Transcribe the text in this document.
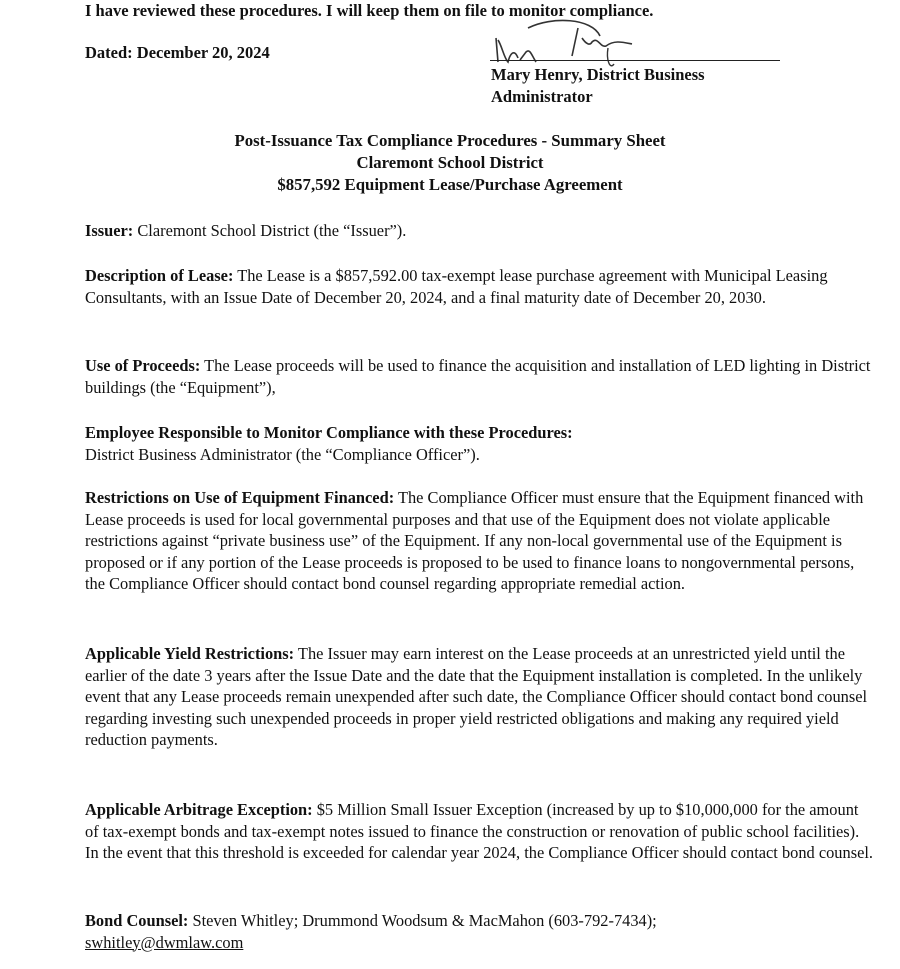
I have reviewed these procedures. I will keep them on file to monitor compliance.
Dated: December 20, 2024
Mary Henry, District Business
Administrator
Post-Issuance Tax Compliance Procedures - Summary Sheet
Claremont School District
$857,592 Equipment Lease/Purchase Agreement
Issuer: Claremont School District (the “Issuer”).
Description of Lease: The Lease is a $857,592.00 tax-exempt lease purchase agreement with Municipal Leasing Consultants, with an Issue Date of December 20, 2024, and a final maturity date of December 20, 2030.
Use of Proceeds: The Lease proceeds will be used to finance the acquisition and installation of LED lighting in District buildings (the “Equipment”),
Employee Responsible to Monitor Compliance with these Procedures:
District Business Administrator (the “Compliance Officer”).
Restrictions on Use of Equipment Financed: The Compliance Officer must ensure that the Equipment financed with Lease proceeds is used for local governmental purposes and that use of the Equipment does not violate applicable restrictions against “private business use” of the Equipment. If any non-local governmental use of the Equipment is proposed or if any portion of the Lease proceeds is proposed to be used to finance loans to nongovernmental persons, the Compliance Officer should contact bond counsel regarding appropriate remedial action.
Applicable Yield Restrictions: The Issuer may earn interest on the Lease proceeds at an unrestricted yield until the earlier of the date 3 years after the Issue Date and the date that the Equipment installation is completed. In the unlikely event that any Lease proceeds remain unexpended after such date, the Compliance Officer should contact bond counsel regarding investing such unexpended proceeds in proper yield restricted obligations and making any required yield reduction payments.
Applicable Arbitrage Exception: $5 Million Small Issuer Exception (increased by up to $10,000,000 for the amount of tax-exempt bonds and tax-exempt notes issued to finance the construction or renovation of public school facilities). In the event that this threshold is exceeded for calendar year 2024, the Compliance Officer should contact bond counsel.
Bond Counsel: Steven Whitley; Drummond Woodsum & MacMahon (603-792-7434);
swhitley@dwmlaw.com
